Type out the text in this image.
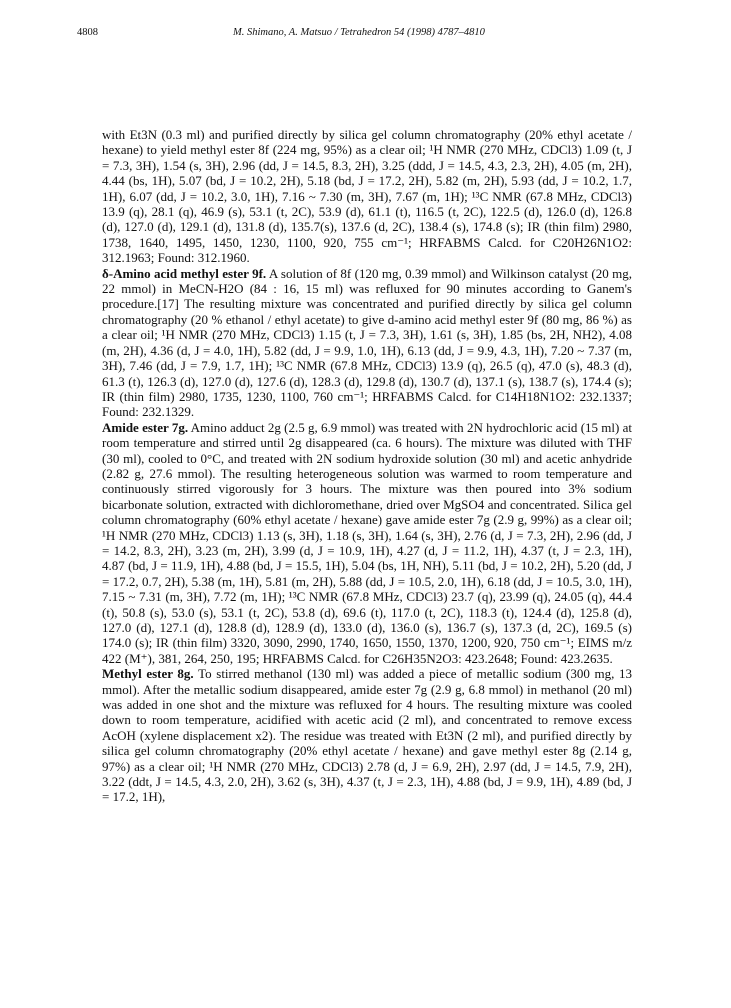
4808	M. Shimano, A. Matsuo / Tetrahedron 54 (1998) 4787–4810

with Et3N (0.3 ml) and purified directly by silica gel column chromatography (20% ethyl acetate / hexane) to yield methyl ester 8f (224 mg, 95%) as a clear oil; ¹H NMR (270 MHz, CDCl3) 1.09 (t, J = 7.3, 3H), 1.54 (s, 3H), 2.96 (dd, J = 14.5, 8.3, 2H), 3.25 (ddd, J = 14.5, 4.3, 2.3, 2H), 4.05 (m, 2H), 4.44 (bs, 1H), 5.07 (bd, J = 10.2, 2H), 5.18 (bd, J = 17.2, 2H), 5.82 (m, 2H), 5.93 (dd, J = 10.2, 1.7, 1H), 6.07 (dd, J = 10.2, 3.0, 1H), 7.16 ~ 7.30 (m, 3H), 7.67 (m, 1H); ¹³C NMR (67.8 MHz, CDCl3) 13.9 (q), 28.1 (q), 46.9 (s), 53.1 (t, 2C), 53.9 (d), 61.1 (t), 116.5 (t, 2C), 122.5 (d), 126.0 (d), 126.8 (d), 127.0 (d), 129.1 (d), 131.8 (d), 135.7(s), 137.6 (d, 2C), 138.4 (s), 174.8 (s); IR (thin film) 2980, 1738, 1640, 1495, 1450, 1230, 1100, 920, 755 cm⁻¹; HRFABMS Calcd. for C20H26N1O2: 312.1963; Found: 312.1960.

δ-Amino acid methyl ester 9f. A solution of 8f (120 mg, 0.39 mmol) and Wilkinson catalyst (20 mg, 22 mmol) in MeCN-H2O (84 : 16, 15 ml) was refluxed for 90 minutes according to Ganem's procedure.[17] The resulting mixture was concentrated and purified directly by silica gel column chromatography (20 % ethanol / ethyl acetate) to give d-amino acid methyl ester 9f (80 mg, 86 %) as a clear oil; ¹H NMR (270 MHz, CDCl3) 1.15 (t, J = 7.3, 3H), 1.61 (s, 3H), 1.85 (bs, 2H, NH2), 4.08 (m, 2H), 4.36 (d, J = 4.0, 1H), 5.82 (dd, J = 9.9, 1.0, 1H), 6.13 (dd, J = 9.9, 4.3, 1H), 7.20 ~ 7.37 (m, 3H), 7.46 (dd, J = 7.9, 1.7, 1H); ¹³C NMR (67.8 MHz, CDCl3) 13.9 (q), 26.5 (q), 47.0 (s), 48.3 (d), 61.3 (t), 126.3 (d), 127.0 (d), 127.6 (d), 128.3 (d), 129.8 (d), 130.7 (d), 137.1 (s), 138.7 (s), 174.4 (s); IR (thin film) 2980, 1735, 1230, 1100, 760 cm⁻¹; HRFABMS Calcd. for C14H18N1O2: 232.1337; Found: 232.1329.

Amide ester 7g. Amino adduct 2g (2.5 g, 6.9 mmol) was treated with 2N hydrochloric acid (15 ml) at room temperature and stirred until 2g disappeared (ca. 6 hours). The mixture was diluted with THF (30 ml), cooled to 0°C, and treated with 2N sodium hydroxide solution (30 ml) and acetic anhydride (2.82 g, 27.6 mmol). The resulting heterogeneous solution was warmed to room temperature and continuously stirred vigorously for 3 hours. The mixture was then poured into 3% sodium bicarbonate solution, extracted with dichloromethane, dried over MgSO4 and concentrated. Silica gel column chromatography (60% ethyl acetate / hexane) gave amide ester 7g (2.9 g, 99%) as a clear oil; ¹H NMR (270 MHz, CDCl3) 1.13 (s, 3H), 1.18 (s, 3H), 1.64 (s, 3H), 2.76 (d, J = 7.3, 2H), 2.96 (dd, J = 14.2, 8.3, 2H), 3.23 (m, 2H), 3.99 (d, J = 10.9, 1H), 4.27 (d, J = 11.2, 1H), 4.37 (t, J = 2.3, 1H), 4.87 (bd, J = 11.9, 1H), 4.88 (bd, J = 15.5, 1H), 5.04 (bs, 1H, NH), 5.11 (bd, J = 10.2, 2H), 5.20 (dd, J = 17.2, 0.7, 2H), 5.38 (m, 1H), 5.81 (m, 2H), 5.88 (dd, J = 10.5, 2.0, 1H), 6.18 (dd, J = 10.5, 3.0, 1H), 7.15 ~ 7.31 (m, 3H), 7.72 (m, 1H); ¹³C NMR (67.8 MHz, CDCl3) 23.7 (q), 23.99 (q), 24.05 (q), 44.4 (t), 50.8 (s), 53.0 (s), 53.1 (t, 2C), 53.8 (d), 69.6 (t), 117.0 (t, 2C), 118.3 (t), 124.4 (d), 125.8 (d), 127.0 (d), 127.1 (d), 128.8 (d), 128.9 (d), 133.0 (d), 136.0 (s), 136.7 (s), 137.3 (d, 2C), 169.5 (s) 174.0 (s); IR (thin film) 3320, 3090, 2990, 1740, 1650, 1550, 1370, 1200, 920, 750 cm⁻¹; EIMS m/z 422 (M⁺), 381, 264, 250, 195; HRFABMS Calcd. for C26H35N2O3: 423.2648; Found: 423.2635.

Methyl ester 8g. To stirred methanol (130 ml) was added a piece of metallic sodium (300 mg, 13 mmol). After the metallic sodium disappeared, amide ester 7g (2.9 g, 6.8 mmol) in methanol (20 ml) was added in one shot and the mixture was refluxed for 4 hours. The resulting mixture was cooled down to room temperature, acidified with acetic acid (2 ml), and concentrated to remove excess AcOH (xylene displacement x2). The residue was treated with Et3N (2 ml), and purified directly by silica gel column chromatography (20% ethyl acetate / hexane) and gave methyl ester 8g (2.14 g, 97%) as a clear oil; ¹H NMR (270 MHz, CDCl3) 2.78 (d, J = 6.9, 2H), 2.97 (dd, J = 14.5, 7.9, 2H), 3.22 (ddt, J = 14.5, 4.3, 2.0, 2H), 3.62 (s, 3H), 4.37 (t, J = 2.3, 1H), 4.88 (bd, J = 9.9, 1H), 4.89 (bd, J = 17.2, 1H),
